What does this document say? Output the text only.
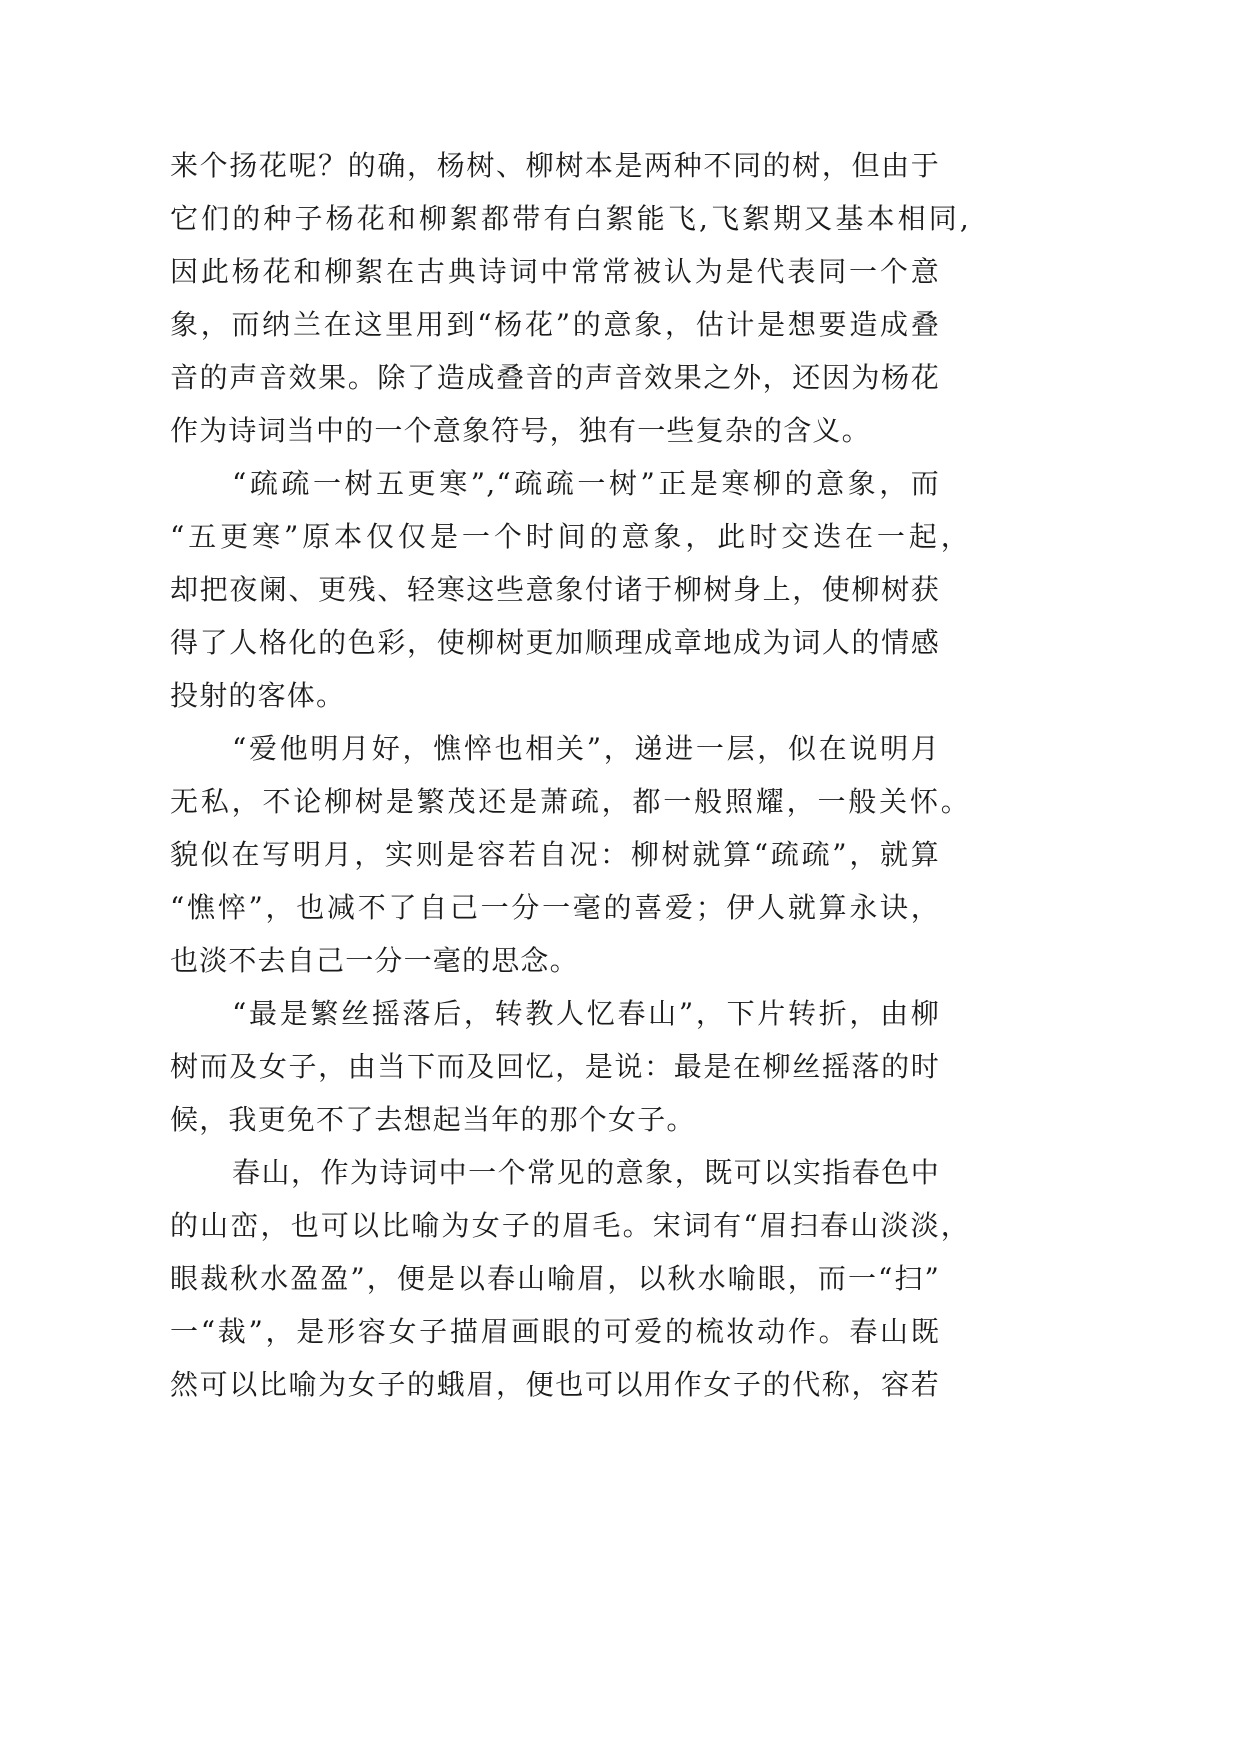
来个扬花呢？的确，杨树、柳树本是两种不同的树，但由于
它们的种子杨花和柳絮都带有白絮能飞,飞絮期又基本相同,
因此杨花和柳絮在古典诗词中常常被认为是代表同一个意
象，而纳兰在这里用到“杨花”的意象，估计是想要造成叠
音的声音效果。除了造成叠音的声音效果之外，还因为杨花
作为诗词当中的一个意象符号，独有一些复杂的含义。
“疏疏一树五更寒”,“疏疏一树”正是寒柳的意象，而
“五更寒”原本仅仅是一个时间的意象，此时交迭在一起，
却把夜阑、更残、轻寒这些意象付诸于柳树身上，使柳树获
得了人格化的色彩，使柳树更加顺理成章地成为词人的情感
投射的客体。
“爱他明月好，憔悴也相关”，递进一层，似在说明月
无私，不论柳树是繁茂还是萧疏，都一般照耀，一般关怀。
貌似在写明月，实则是容若自况：柳树就算“疏疏”，就算
“憔悴”，也减不了自己一分一毫的喜爱；伊人就算永诀，
也淡不去自己一分一毫的思念。
“最是繁丝摇落后，转教人忆春山”，下片转折，由柳
树而及女子，由当下而及回忆，是说：最是在柳丝摇落的时
候，我更免不了去想起当年的那个女子。
春山，作为诗词中一个常见的意象，既可以实指春色中
的山峦，也可以比喻为女子的眉毛。宋词有“眉扫春山淡淡，
眼裁秋水盈盈”，便是以春山喻眉，以秋水喻眼，而一“扫”
一“裁”，是形容女子描眉画眼的可爱的梳妆动作。春山既
然可以比喻为女子的蛾眉，便也可以用作女子的代称，容若
